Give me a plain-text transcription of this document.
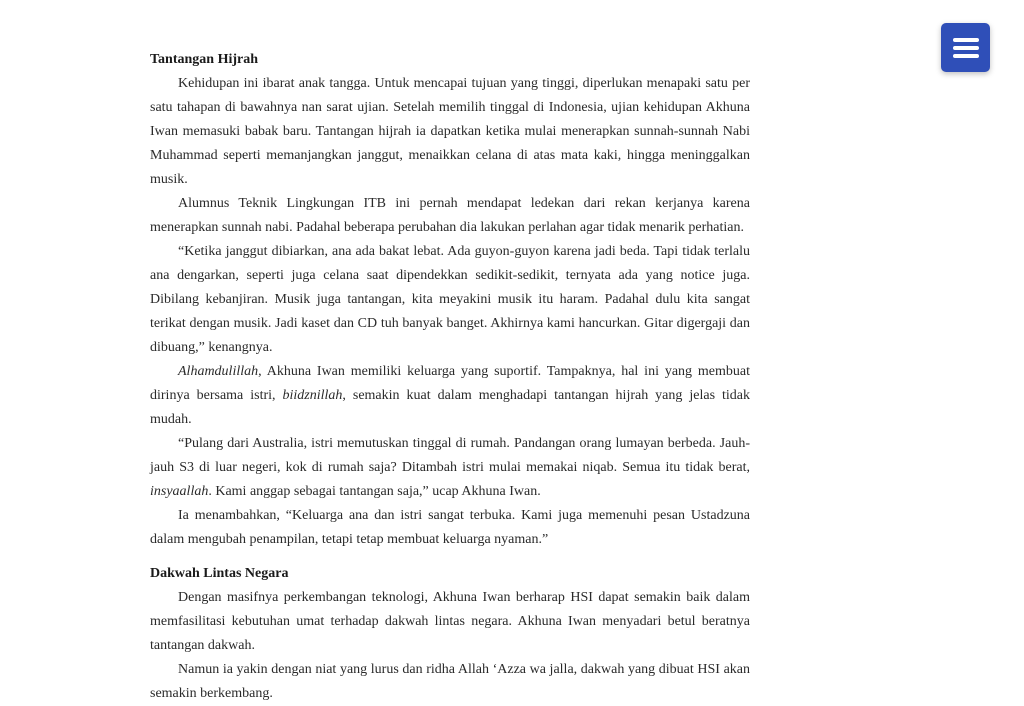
Tantangan Hijrah

Kehidupan ini ibarat anak tangga. Untuk mencapai tujuan yang tinggi, diperlukan menapaki satu per satu tahapan di bawahnya nan sarat ujian. Setelah memilih tinggal di Indonesia, ujian kehidupan Akhuna Iwan memasuki babak baru. Tantangan hijrah ia dapatkan ketika mulai menerapkan sunnah-sunnah Nabi Muhammad seperti memanjangkan janggut, menaikkan celana di atas mata kaki, hingga meninggalkan musik.

Alumnus Teknik Lingkungan ITB ini pernah mendapat ledekan dari rekan kerjanya karena menerapkan sunnah nabi. Padahal beberapa perubahan dia lakukan perlahan agar tidak menarik perhatian.

“Ketika janggut dibiarkan, ana ada bakat lebat. Ada guyon-guyon karena jadi beda. Tapi tidak terlalu ana dengarkan, seperti juga celana saat dipendekkan sedikit-sedikit, ternyata ada yang notice juga. Dibilang kebanjiran. Musik juga tantangan, kita meyakini musik itu haram. Padahal dulu kita sangat terikat dengan musik. Jadi kaset dan CD tuh banyak banget. Akhirnya kami hancurkan. Gitar digergaji dan dibuang,” kenangnya.

Alhamdulillah, Akhuna Iwan memiliki keluarga yang suportif. Tampaknya, hal ini yang membuat dirinya bersama istri, biidznillah, semakin kuat dalam menghadapi tantangan hijrah yang jelas tidak mudah.

“Pulang dari Australia, istri memutuskan tinggal di rumah. Pandangan orang lumayan berbeda. Jauh-jauh S3 di luar negeri, kok di rumah saja? Ditambah istri mulai memakai niqab. Semua itu tidak berat, insyaallah. Kami anggap sebagai tantangan saja,” ucap Akhuna Iwan.

Ia menambahkan, “Keluarga ana dan istri sangat terbuka. Kami juga memenuhi pesan Ustadzuna dalam mengubah penampilan, tetapi tetap membuat keluarga nyaman.”

Dakwah Lintas Negara

Dengan masifnya perkembangan teknologi, Akhuna Iwan berharap HSI dapat semakin baik dalam memfasilitasi kebutuhan umat terhadap dakwah lintas negara. Akhuna Iwan menyadari betul beratnya tantangan dakwah.

Namun ia yakin dengan niat yang lurus dan ridha Allah ‘Azza wa jalla, dakwah yang dibuat HSI akan semakin berkembang.
